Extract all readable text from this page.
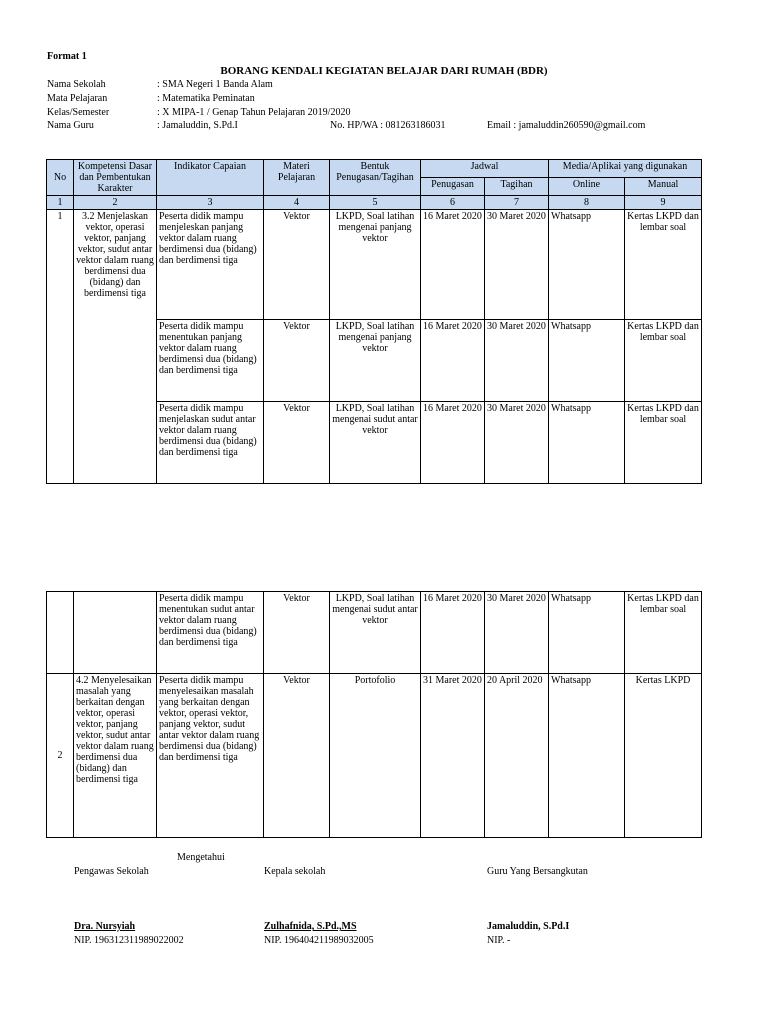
Format 1
BORANG KENDALI KEGIATAN BELAJAR DARI RUMAH (BDR)
Nama Sekolah	: SMA Negeri 1 Banda Alam
Mata Pelajaran	: Matematika Peminatan
Kelas/Semester	: X MIPA-1 / Genap Tahun Pelajaran 2019/2020
Nama Guru	: Jamaluddin, S.Pd.I	No. HP/WA : 081263186031	Email : jamaluddin260590@gmail.com
No	Kompetensi Dasar dan Pembentukan Karakter	Indikator Capaian	Materi Pelajaran	Bentuk Penugasan/Tagihan	Jadwal		Media/Aplikai yang digunakan	
					Penugasan	Tagihan	Online	Manual
1	2	3	4	5	6	7	8	9
1	3.2 Menjelaskan vektor, operasi vektor, panjang vektor, sudut antar vektor dalam ruang berdimensi dua (bidang) dan berdimensi tiga	Peserta didik mampu menjeleskan panjang vektor dalam ruang berdimensi dua (bidang) dan berdimensi tiga	Vektor	LKPD, Soal latihan mengenai panjang vektor	16 Maret 2020	30 Maret 2020	Whatsapp	Kertas LKPD dan lembar soal
		Peserta didik mampu menentukan panjang vektor dalam ruang berdimensi dua (bidang) dan berdimensi tiga	Vektor	LKPD, Soal latihan mengenai panjang vektor	16 Maret 2020	30 Maret 2020	Whatsapp	Kertas LKPD dan lembar soal
		Peserta didik mampu menjelaskan sudut antar vektor dalam ruang berdimensi dua (bidang) dan berdimensi tiga	Vektor	LKPD, Soal latihan mengenai sudut antar vektor	16 Maret 2020	30 Maret 2020	Whatsapp	Kertas LKPD dan lembar soal
		Peserta didik mampu menentukan sudut antar vektor dalam ruang berdimensi dua (bidang) dan berdimensi tiga	Vektor	LKPD, Soal latihan mengenai sudut antar vektor	16 Maret 2020	30 Maret 2020	Whatsapp	Kertas LKPD dan lembar soal
2	4.2 Menyelesaikan masalah yang berkaitan dengan vektor, operasi vektor, panjang vektor, sudut antar vektor dalam ruang berdimensi dua (bidang) dan berdimensi tiga	Peserta didik mampu menyelesaikan masalah yang berkaitan dengan vektor, operasi vektor, panjang vektor, sudut antar vektor dalam ruang berdimensi dua (bidang) dan berdimensi tiga	Vektor	Portofolio	31 Maret 2020	20 April 2020	Whatsapp	Kertas LKPD
Mengetahui
Pengawas Sekolah	Kepala sekolah	Guru Yang Bersangkutan
Dra. Nursyiah	Zulhafnida, S.Pd.,MS	Jamaluddin, S.Pd.I
NIP. 196312311989022002	NIP. 196404211989032005	NIP. -
